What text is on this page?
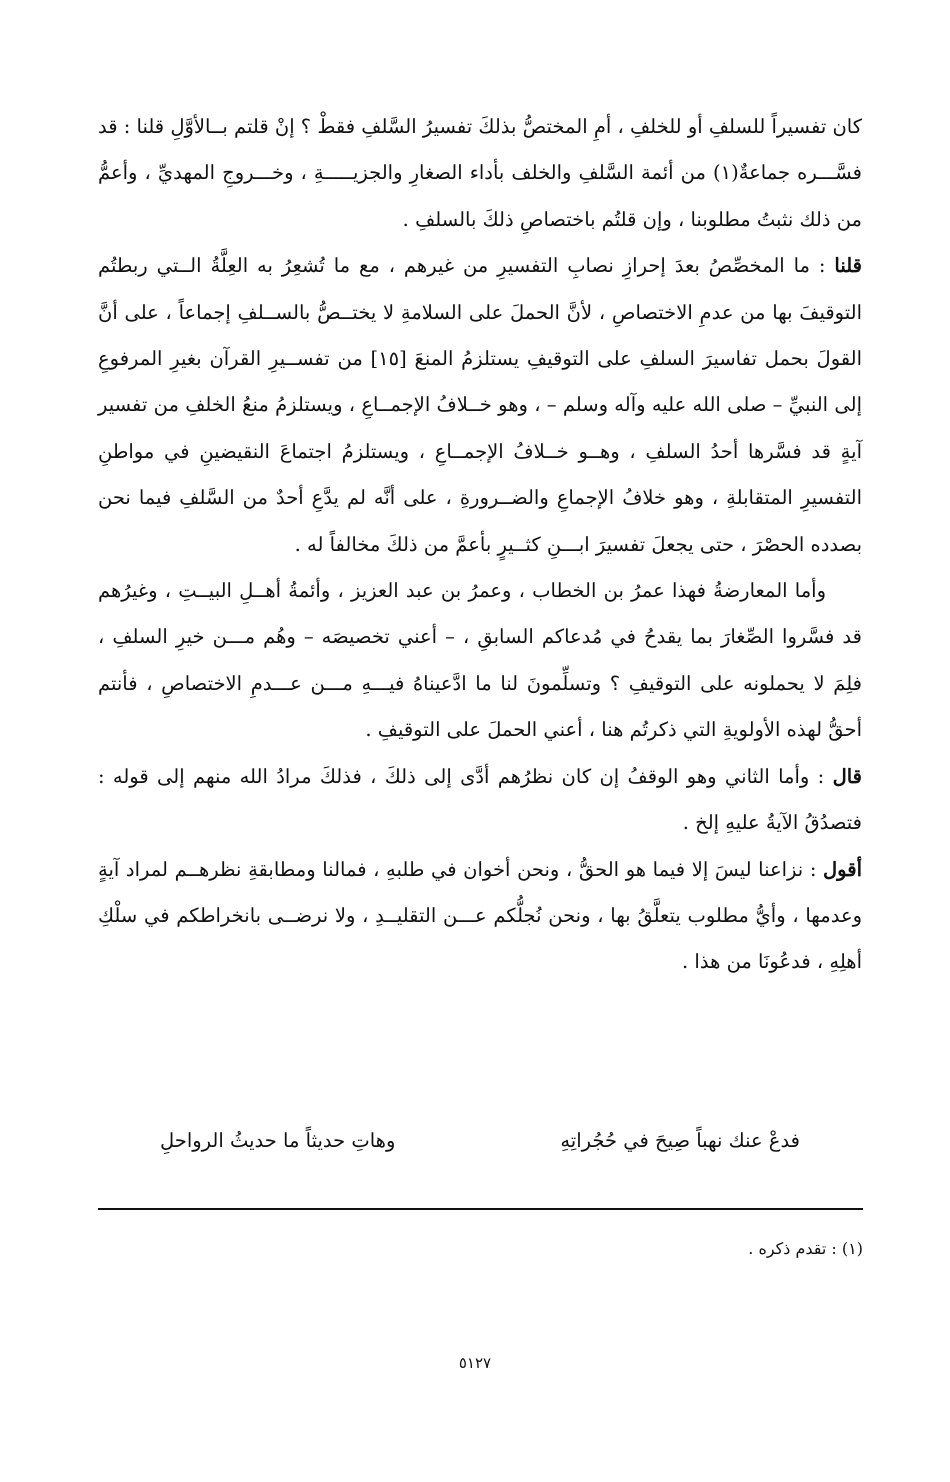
كان تفسيراً للسلفِ أو للخلفِ ، أمِ المختصُّ بذلكَ تفسيرُ السَّلفِ فقطْ ؟ إنْ قلتم بــالأوَّلِ قلنا : قد فسَّـــره جماعةٌ(١) من أئمة السَّلفِ والخلف بأداء الصغارِ والجزيـــــةِ ، وخـــروجِ المهديِّ ، وأعمُّ من ذلك نثبتُ مطلوبنا ، وإن قلتُم باختصاصِ ذلكَ بالسلفِ .

قلنا : ما المخصِّصُ بعدَ إحرازِ نصابِ التفسيرِ من غيرهم ، مع ما تُشعِرُ به العِلَّةُ الــتي ربطتُم التوقيفَ بها من عدمِ الاختصاصِ ، لأنَّ الحملَ على السلامةِ لا يختــصُّ بالســلفِ إجماعاً ، على أنَّ القولَ بحمل تفاسيرَ السلفِ على التوقيفِ يستلزمُ المنعَ [١٥] من تفســيرِ القرآن بغيرِ المرفوعِ إلى النبيِّ – صلى الله عليه وآله وسلم – ، وهو خــلافُ الإجمــاعِ ، ويستلزمُ منعُ الخلفِ من تفسير آيةٍ قد فسَّرها أحدُ السلفِ ، وهــو خــلافُ الإجمــاعِ ، ويستلزمُ اجتماعَ النقيضينِ في مواطنِ التفسيرِ المتقابلةِ ، وهو خلافُ الإجماعِ والضــرورةِ ، على أنَّه لم يدَّعِ أحدٌ من السَّلفِ فيما نحن بصدده الحصْرَ ، حتى يجعلَ تفسيرَ ابـــنِ كثــيرٍ بأعمَّ من ذلكَ مخالفاً له .

وأما المعارضةُ فهذا عمرُ بن الخطاب ، وعمرُ بن عبد العزيز ، وأئمةُ أهــلِ البيــتِ ، وغيرُهم قد فسَّروا الصِّغارَ بما يقدحُ في مُدعاكم السابقِ ، – أعني تخصيصَه – وهُم مـــن خيرِ السلفِ ، فلِمَ لا يحملونه على التوقيفِ ؟ وتسلِّمونَ لنا ما ادَّعيناهُ فيـــهِ مـــن عـــدمِ الاختصاصِ ، فأنتم أحقُّ لهذه الأولويةِ التي ذكرتُم هنا ، أعني الحملَ على التوقيفِ .

قال : وأما الثاني وهو الوقفُ إن كان نظرُهم أدَّى إلى ذلكَ ، فذلكَ مرادُ الله منهم إلى قوله : فتصدُقُ الآيةُ عليهِ إلخ .

أقول : نزاعنا ليسَ إلا فيما هو الحقُّ ، ونحن أخوان في طلبهِ ، فمالنا ومطابقةِ نظرهــم لمراد آيةٍ وعدمها ، وأيُّ مطلوب يتعلَّقُ بها ، ونحن نُجلُّكم عـــن التقليــدِ ، ولا نرضــى بانخراطكم في سلْكِ أهلِهِ ، فدعُونَا من هذا .

فدعْ عنك نهباً صِيحَ في حُجُراتِهِ
وهاتِ حديثاً ما حديثُ الرواحلِ
(١) : تقدم ذكره .
٥١٢٧
